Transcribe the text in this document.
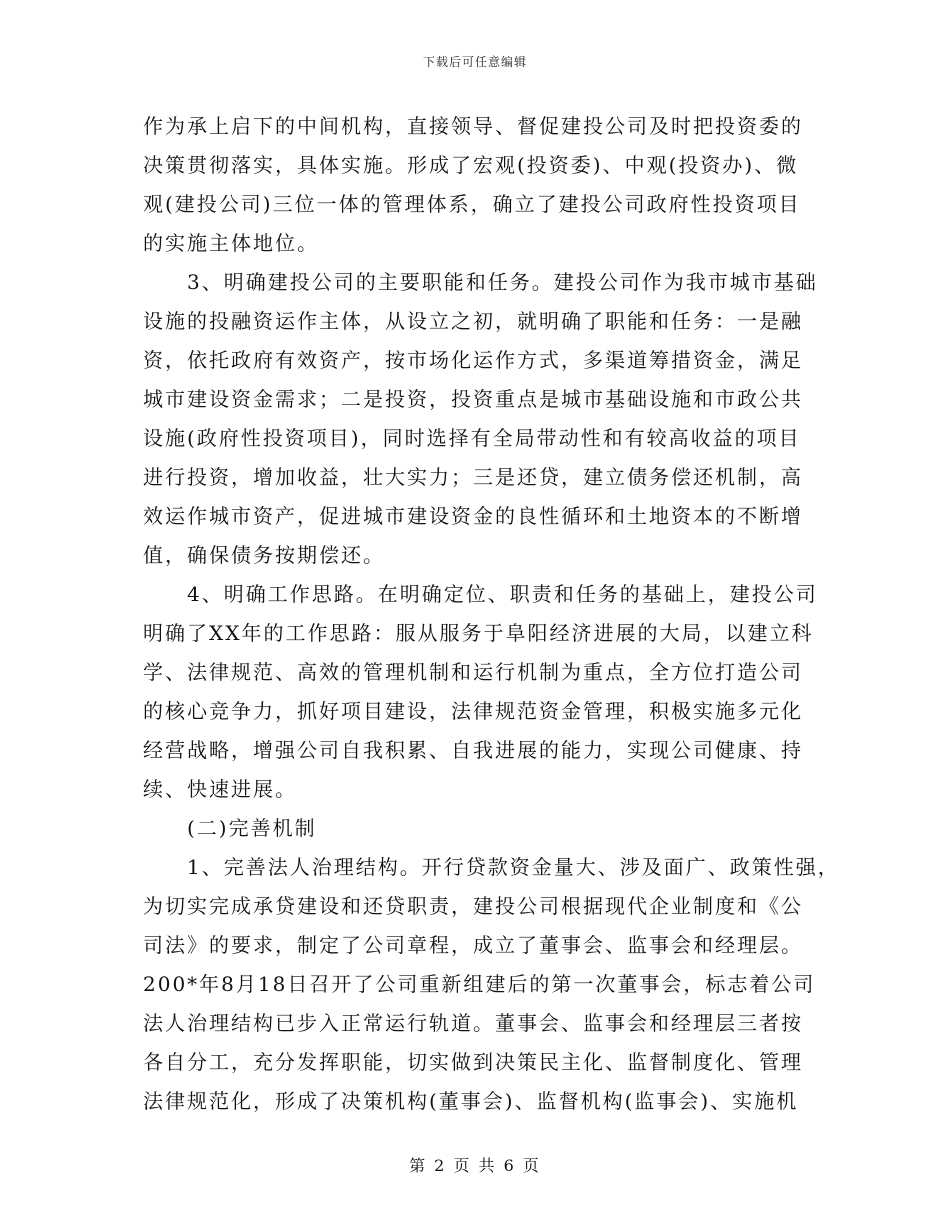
下载后可任意编辑
作为承上启下的中间机构，直接领导、督促建投公司及时把投资委的
决策贯彻落实，具体实施。形成了宏观(投资委)、中观(投资办)、微
观(建投公司)三位一体的管理体系，确立了建投公司政府性投资项目
的实施主体地位。
3、明确建投公司的主要职能和任务。建投公司作为我市城市基础
设施的投融资运作主体，从设立之初，就明确了职能和任务：一是融
资，依托政府有效资产，按市场化运作方式，多渠道筹措资金，满足
城市建设资金需求；二是投资，投资重点是城市基础设施和市政公共
设施(政府性投资项目)，同时选择有全局带动性和有较高收益的项目
进行投资，增加收益，壮大实力；三是还贷，建立债务偿还机制，高
效运作城市资产，促进城市建设资金的良性循环和土地资本的不断增
值，确保债务按期偿还。
4、明确工作思路。在明确定位、职责和任务的基础上，建投公司
明确了XX年的工作思路：服从服务于阜阳经济进展的大局，以建立科
学、法律规范、高效的管理机制和运行机制为重点，全方位打造公司
的核心竞争力，抓好项目建设，法律规范资金管理，积极实施多元化
经营战略，增强公司自我积累、自我进展的能力，实现公司健康、持
续、快速进展。
(二)完善机制
1、完善法人治理结构。开行贷款资金量大、涉及面广、政策性强，
为切实完成承贷建设和还贷职责，建投公司根据现代企业制度和《公
司法》的要求，制定了公司章程，成立了董事会、监事会和经理层。
200*年8月18日召开了公司重新组建后的第一次董事会，标志着公司
法人治理结构已步入正常运行轨道。董事会、监事会和经理层三者按
各自分工，充分发挥职能，切实做到决策民主化、监督制度化、管理
法律规范化，形成了决策机构(董事会)、监督机构(监事会)、实施机
第 2 页 共 6 页
